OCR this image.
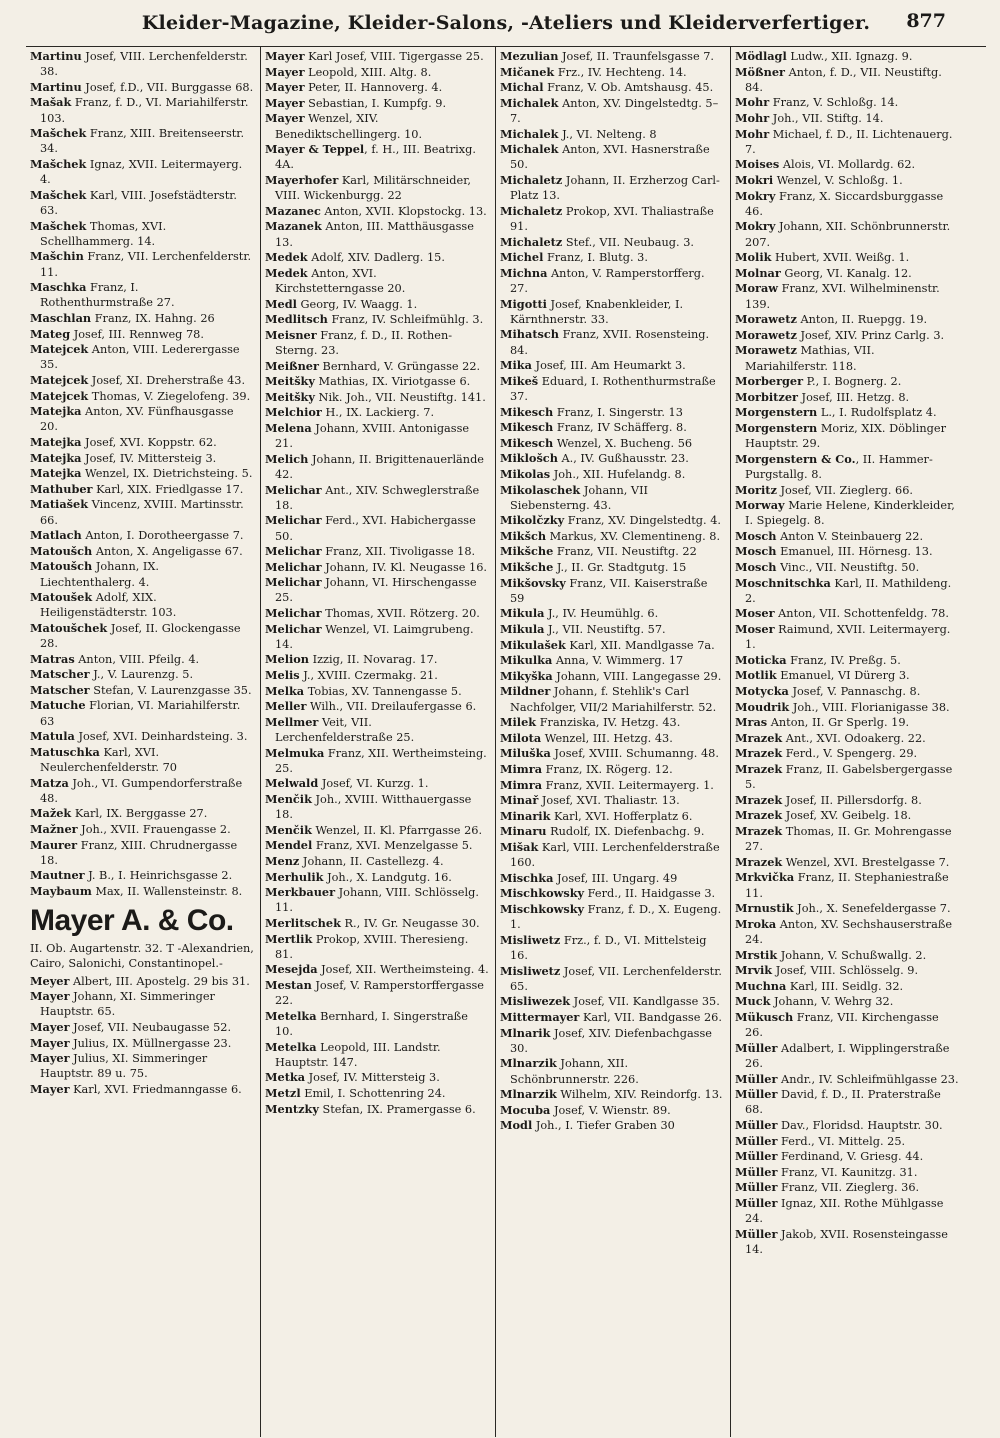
Kleider-Magazine, Kleider-Salons, -Ateliers und Kleiderverfertiger. 877
Martinu Josef, VIII. Lerchenfelderstr. 38.
Martinu Josef, f.D., VII. Burggasse 68.
Mašak Franz, f. D., VI. Mariahilferstr. 103.
Mašchek Franz, XIII. Breitenseerstr. 34.
Mašchek Ignaz, XVII. Leitermayerg. 4.
Mašchek Karl, VIII. Josefstädterstr. 63.
Mašchek Thomas, XVI. Schellhammerg. 14.
Mašchin Franz, VII. Lerchenfelderstr. 11.
Maschka Franz, I. Rothenthurmstraße 27.
Maschlan Franz, IX. Hahng. 26
Mateg Josef, III. Rennweg 78.
Matejcek Anton, VIII. Lederergasse 35.
Matejcek Josef, XI. Dreherstraße 43.
Matejcek Thomas, V. Ziegelofeng. 39.
Matejka Anton, XV. Fünfhausgasse 20.
Matejka Josef, XVI. Koppstr. 62.
Matejka Josef, IV. Mittersteig 3.
Matejka Wenzel, IX. Dietrichsteing. 5.
Mathuber Karl, XIX. Friedlgasse 17.
Matiašek Vincenz, XVIII. Martinsstr. 66.
Matlach Anton, I. Dorotheergasse 7.
Matoušch Anton, X. Angeligasse 67.
Matoušch Johann, IX. Liechtenthalerg. 4.
Matoušek Adolf, XIX. Heiligenstädterstr. 103.
Matoušchek Josef, II. Glockengasse 28.
Matras Anton, VIII. Pfeilg. 4.
Matscher J., V. Laurenzg. 5.
Matscher Stefan, V. Laurenzgasse 35.
Matuche Florian, VI. Mariahilferstr. 63
Matula Josef, XVI. Deinhardsteing. 3.
Matuschka Karl, XVI. Neulerchenfelderstr. 70
Matza Joh., VI. Gumpendorferstraße 48.
Mažek Karl, IX. Berggasse 27.
Mažner Joh., XVII. Frauengasse 2.
Maurer Franz, XIII. Chrudnergasse 18.
Mautner J. B., I. Heinrichsgasse 2.
Maybaum Max, II. Wallensteinstr. 8.
Mayer A. & Co.
II. Ob. Augartenstr. 32. T -Alexandrien, Cairo, Salonichi, Constantinopel.-
Meyer Albert, III. Apostelg. 29 bis 31.
Mayer Johann, XI. Simmeringer Hauptstr. 65.
Mayer Josef, VII. Neubaugasse 52.
Mayer Julius, IX. Müllnergasse 23.
Mayer Julius, XI. Simmeringer Hauptstr. 89 u. 75.
Mayer Karl, XVI. Friedmanngasse 6.
Mayer Karl Josef, VIII. Tigergasse 25.
Mayer Leopold, XIII. Altg. 8.
Mayer Peter, II. Hannoverg. 4.
Mayer Sebastian, I. Kumpfg. 9.
Mayer Wenzel, XIV. Benediktschellingerg. 10.
Mayer & Teppel, f. H., III. Beatrixg. 4A.
Mayerhofer Karl, Militärschneider, VIII. Wickenburgg. 22
Mazanec Anton, XVII. Klopstockg. 13.
Mazanek Anton, III. Matthäusgasse 13.
Medek Adolf, XIV. Dadlerg. 15.
Medek Anton, XVI. Kirchstetterngasse 20.
Medl Georg, IV. Waagg. 1.
Medlitsch Franz, IV. Schleifmühlg. 3.
Meisner Franz, f. D., II. Rothen-Sterng. 23.
Meißner Bernhard, V. Grüngasse 22.
Meitšky Mathias, IX. Viriotgasse 6.
Meitšky Nik. Joh., VII. Neustiftg. 141.
Melchior H., IX. Lackierg. 7.
Melena Johann, XVIII. Antonigasse 21.
Melich Johann, II. Brigittenauerlände 42.
Melichar Ant., XIV. Schweglerstraße 18.
Melichar Ferd., XVI. Habichergasse 50.
Melichar Franz, XII. Tivoligasse 18.
Melichar Johann, IV. Kl. Neugasse 16.
Melichar Johann, VI. Hirschengasse 25.
Melichar Thomas, XVII. Rötzerg. 20.
Melichar Wenzel, VI. Laimgrubeng. 14.
Melion Izzig, II. Novarag. 17.
Melis J., XVIII. Czermakg. 21.
Melka Tobias, XV. Tannengasse 5.
Meller Wilh., VII. Dreilaufergasse 6.
Mellmer Veit, VII. Lerchenfelderstraße 25.
Melmuka Franz, XII. Wertheimsteing. 25.
Melwald Josef, VI. Kurzg. 1.
Menčik Joh., XVIII. Witthauergasse 18.
Menčik Wenzel, II. Kl. Pfarrgasse 26.
Mendel Franz, XVI. Menzelgasse 5.
Menz Johann, II. Castellezg. 4.
Merhulik Joh., X. Landgutg. 16.
Merkbauer Johann, VIII. Schlösselg. 11.
Merlitschek R., IV. Gr. Neugasse 30.
Mertlik Prokop, XVIII. Theresieng. 81.
Mesejda Josef, XII. Wertheimsteing. 4.
Mestan Josef, V. Ramperstorffergasse 22.
Metelka Bernhard, I. Singerstraße 10.
Metelka Leopold, III. Landstr. Hauptstr. 147.
Metka Josef, IV. Mittersteig 3.
Metzl Emil, I. Schottenring 24.
Mentzky Stefan, IX. Pramergasse 6.
Mezulian Josef, II. Traunfelsgasse 7.
Mičanek Frz., IV. Hechteng. 14.
Michal Franz, V. Ob. Amtshausg. 45.
Michalek Anton, XV. Dingelstedtg. 5–7.
Michalek J., VI. Nelteng. 8
Michalek Anton, XVI. Hasnerstraße 50.
Michaletz Johann, II. Erzherzog Carl-Platz 13.
Michaletz Prokop, XVI. Thaliastraße 91.
Michaletz Stef., VII. Neubaug. 3.
Michel Franz, I. Blutg. 3.
Michna Anton, V. Ramperstorfferg. 27.
Migotti Josef, Knabenkleider, I. Kärnthnerstr. 33.
Mihatsch Franz, XVII. Rosensteing. 84.
Mika Josef, III. Am Heumarkt 3.
Mikeš Eduard, I. Rothenthurmstraße 37.
Mikesch Franz, I. Singerstr. 13
Mikesch Franz, IV Schäfferg. 8.
Mikesch Wenzel, X. Bucheng. 56
Miklošch A., IV. Gußhausstr. 23.
Mikolas Joh., XII. Hufelandg. 8.
Mikolaschek Johann, VII Siebensterng. 43.
Mikolčzky Franz, XV. Dingelstedtg. 4.
Mikšch Markus, XV. Clementineng. 8.
Mikšche Franz, VII. Neustiftg. 22
Mikšche J., II. Gr. Stadtgutg. 15
Mikšovsky Franz, VII. Kaiserstraße 59
Mikula J., IV. Heumühlg. 6.
Mikula J., VII. Neustiftg. 57.
Mikulašek Karl, XII. Mandlgasse 7a.
Mikulka Anna, V. Wimmerg. 17
Mikyška Johann, VIII. Langegasse 29.
Mildner Johann, f. Stehlik's Carl Nachfolger, VII/2 Mariahilferstr. 52.
Milek Franziska, IV. Hetzg. 43.
Milota Wenzel, III. Hetzg. 43.
Miluška Josef, XVIII. Schumanng. 48.
Mimra Franz, IX. Rögerg. 12.
Mimra Franz, XVII. Leitermayerg. 1.
Minař Josef, XVI. Thaliastr. 13.
Minarik Karl, XVI. Hofferplatz 6.
Minaru Rudolf, IX. Diefenbachg. 9.
Mišak Karl, VIII. Lerchenfelderstraße 160.
Mischka Josef, III. Ungarg. 49
Mischkowsky Ferd., II. Haidgasse 3.
Mischkowsky Franz, f. D., X. Eugeng. 1.
Misliwetz Frz., f. D., VI. Mittelsteig 16.
Misliwetz Josef, VII. Lerchenfelderstr. 65.
Misliwezek Josef, VII. Kandlgasse 35.
Mittermayer Karl, VII. Bandgasse 26.
Mlnarik Josef, XIV. Diefenbachgasse 30.
Mlnarzik Johann, XII. Schönbrunnerstr. 226.
Mlnarzik Wilhelm, XIV. Reindorfg. 13.
Mocuba Josef, V. Wienstr. 89.
Modl Joh., I. Tiefer Graben 30
Mödlagl Ludw., XII. Ignazg. 9.
Mößner Anton, f. D., VII. Neustiftg. 84.
Mohr Franz, V. Schloßg. 14.
Mohr Joh., VII. Stiftg. 14.
Mohr Michael, f. D., II. Lichtenauerg. 7.
Moises Alois, VI. Mollardg. 62.
Mokri Wenzel, V. Schloßg. 1.
Mokry Franz, X. Siccardsburggasse 46.
Mokry Johann, XII. Schönbrunnerstr. 207.
Molik Hubert, XVII. Weißg. 1.
Molnar Georg, VI. Kanalg. 12.
Moraw Franz, XVI. Wilhelminenstr. 139.
Morawetz Anton, II. Ruepgg. 19.
Morawetz Josef, XIV. Prinz Carlg. 3.
Morawetz Mathias, VII. Mariahilferstr. 118.
Morberger P., I. Bognerg. 2.
Morbitzer Josef, III. Hetzg. 8.
Morgenstern L., I. Rudolfsplatz 4.
Morgenstern Moriz, XIX. Döblinger Hauptstr. 29.
Morgenstern & Co., II. Hammer-Purgstallg. 8.
Moritz Josef, VII. Zieglerg. 66.
Morway Marie Helene, Kinderkleider, I. Spiegelg. 8.
Mosch Anton V. Steinbauerg 22.
Mosch Emanuel, III. Hörnesg. 13.
Mosch Vinc., VII. Neustiftg. 50.
Moschnitschka Karl, II. Mathildeng. 2.
Moser Anton, VII. Schottenfeldg. 78.
Moser Raimund, XVII. Leitermayerg. 1.
Moticka Franz, IV. Preßg. 5.
Motlik Emanuel, VI Dürerg 3.
Motycka Josef, V. Pannaschg. 8.
Moudrik Joh., VIII. Florianigasse 38.
Mras Anton, II. Gr Sperlg. 19.
Mrazek Ant., XVI. Odoakerg. 22.
Mrazek Ferd., V. Spengerg. 29.
Mrazek Franz, II. Gabelsbergergasse 5.
Mrazek Josef, II. Pillersdorfg. 8.
Mrazek Josef, XV. Geibelg. 18.
Mrazek Thomas, II. Gr. Mohrengasse 27.
Mrazek Wenzel, XVI. Brestelgasse 7.
Mrkvička Franz, II. Stephaniestraße 11.
Mrnustik Joh., X. Senefeldergasse 7.
Mroka Anton, XV. Sechshauserstraße 24.
Mrstik Johann, V. Schußwallg. 2.
Mrvik Josef, VIII. Schlösselg. 9.
Muchna Karl, III. Seidlg. 32.
Muck Johann, V. Wehrg 32.
Mükusch Franz, VII. Kirchengasse 26.
Müller Adalbert, I. Wipplingerstraße 26.
Müller Andr., IV. Schleifmühlgasse 23.
Müller David, f. D., II. Praterstraße 68.
Müller Dav., Floridsd. Hauptstr. 30.
Müller Ferd., VI. Mittelg. 25.
Müller Ferdinand, V. Griesg. 44.
Müller Franz, VI. Kaunitzg. 31.
Müller Franz, VII. Zieglerg. 36.
Müller Ignaz, XII. Rothe Mühlgasse 24.
Müller Jakob, XVII. Rosensteingasse 14.
